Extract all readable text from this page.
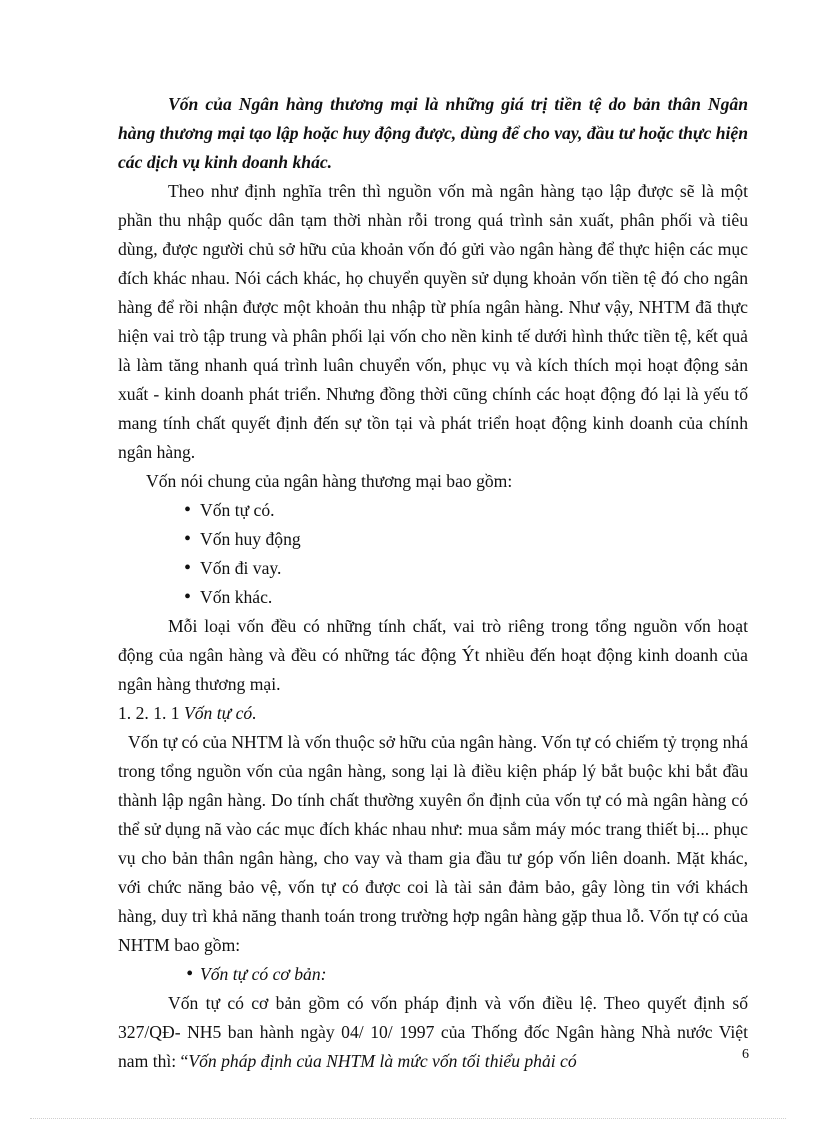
Vốn của Ngân hàng thương mại là những giá trị tiền tệ do bản thân Ngân hàng thương mại tạo lập hoặc huy động được, dùng để cho vay, đầu tư hoặc thực hiện các dịch vụ kinh doanh khác.

Theo như định nghĩa trên thì nguồn vốn mà ngân hàng tạo lập được sẽ là một phần thu nhập quốc dân tạm thời nhàn rỗi trong quá trình sản xuất, phân phối và tiêu dùng, được người chủ sở hữu của khoản vốn đó gửi vào ngân hàng để thực hiện các mục đích khác nhau. Nói cách khác, họ chuyển quyền sử dụng khoản vốn tiền tệ đó cho ngân hàng để rồi nhận được một khoản thu nhập từ phía ngân hàng. Như vậy, NHTM đã thực hiện vai trò tập trung và phân phối lại vốn cho nền kinh tế dưới hình thức tiền tệ, kết quả là làm tăng nhanh quá trình luân chuyển vốn, phục vụ và kích thích mọi hoạt động sản xuất - kinh doanh phát triển. Nhưng đồng thời cũng chính các hoạt động đó lại là yếu tố mang tính chất quyết định đến sự tồn tại và phát triển hoạt động kinh doanh của chính ngân hàng.

Vốn nói chung của ngân hàng thương mại bao gồm:

• Vốn tự có.
• Vốn huy động
• Vốn đi vay.
• Vốn khác.

Mỗi loại vốn đều có những tính chất, vai trò riêng trong tổng nguồn vốn hoạt động của ngân hàng và đều có những tác động Ýt nhiều đến hoạt động kinh doanh của ngân hàng thương mại.

1. 2. 1. 1 Vốn tự có.

Vốn tự có của NHTM là vốn thuộc sở hữu của ngân hàng. Vốn tự có chiếm tỷ trọng nhá trong tổng nguồn vốn của ngân hàng, song lại là điều kiện pháp lý bắt buộc khi bắt đầu thành lập ngân hàng. Do tính chất thường xuyên ổn định của vốn tự có mà ngân hàng có thể sử dụng nã vào các mục đích khác nhau như: mua sắm máy móc trang thiết bị... phục vụ cho bản thân ngân hàng, cho vay và tham gia đầu tư góp vốn liên doanh. Mặt khác, với chức năng bảo vệ, vốn tự có được coi là tài sản đảm bảo, gây lòng tin với khách hàng, duy trì khả năng thanh toán trong trường hợp ngân hàng gặp thua lỗ. Vốn tự có của NHTM bao gồm:

• Vốn tự có cơ bản:

Vốn tự có cơ bản gồm có vốn pháp định và vốn điều lệ. Theo quyết định số 327/QĐ- NH5 ban hành ngày 04/ 10/ 1997 của Thống đốc Ngân hàng Nhà nước Việt nam thì: “Vốn pháp định của NHTM là mức vốn tối thiểu phải có	6
